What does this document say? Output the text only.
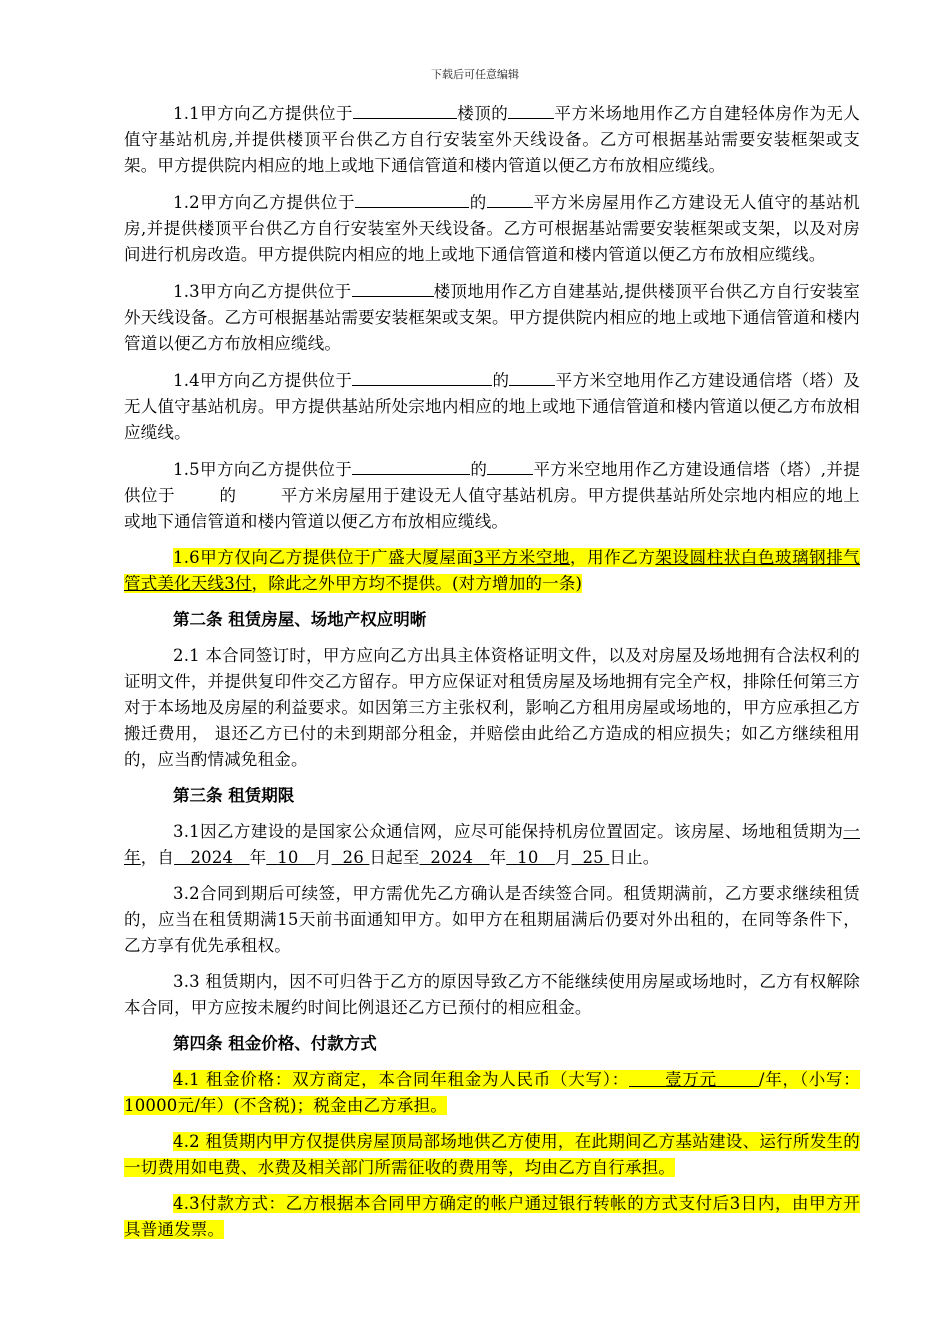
下载后可任意编辑

1.1甲方向乙方提供位于	楼顶的	平方米场地用作乙方自建轻体房作为无人值守基站机房,并提供楼顶平台供乙方自行安装室外天线设备。乙方可根据基站需要安装框架或支架。甲方提供院内相应的地上或地下通信管道和楼内管道以便乙方布放相应缆线。

1.2甲方向乙方提供位于	的	平方米房屋用作乙方建设无人值守的基站机房,并提供楼顶平台供乙方自行安装室外天线设备。乙方可根据基站需要安装框架或支架，以及对房间进行机房改造。甲方提供院内相应的地上或地下通信管道和楼内管道以便乙方布放相应缆线。

1.3甲方向乙方提供位于	楼顶地用作乙方自建基站,提供楼顶平台供乙方自行安装室外天线设备。乙方可根据基站需要安装框架或支架。甲方提供院内相应的地上或地下通信管道和楼内管道以便乙方布放相应缆线。

1.4甲方向乙方提供位于	的	平方米空地用作乙方建设通信塔（塔）及无人值守基站机房。甲方提供基站所处宗地内相应的地上或地下通信管道和楼内管道以便乙方布放相应缆线。

1.5甲方向乙方提供位于	的	平方米空地用作乙方建设通信塔（塔）,并提供位于	的	平方米房屋用于建设无人值守基站机房。甲方提供基站所处宗地内相应的地上或地下通信管道和楼内管道以便乙方布放相应缆线。

1.6甲方仅向乙方提供位于广盛大厦屋面3平方米空地，用作乙方架设圆柱状白色玻璃钢排气管式美化天线3付，除此之外甲方均不提供。(对方增加的一条)

第二条 租赁房屋、场地产权应明晰

2.1 本合同签订时，甲方应向乙方出具主体资格证明文件，以及对房屋及场地拥有合法权利的证明文件，并提供复印件交乙方留存。甲方应保证对租赁房屋及场地拥有完全产权，排除任何第三方对于本场地及房屋的利益要求。如因第三方主张权利，影响乙方租用房屋或场地的，甲方应承担乙方搬迁费用， 退还乙方已付的未到期部分租金，并赔偿由此给乙方造成的相应损失；如乙方继续租用的，应当酌情减免租金。

第三条 租赁期限

3.1因乙方建设的是国家公众通信网，应尽可能保持机房位置固定。该房屋、场地租赁期为一年，自 2024 年 10 月 26 日起至 2024 年 10 月 25 日止。

3.2合同到期后可续签，甲方需优先乙方确认是否续签合同。租赁期满前，乙方要求继续租赁的，应当在租赁期满15天前书面通知甲方。如甲方在租期届满后仍要对外出租的，在同等条件下，乙方享有优先承租权。

3.3 租赁期内，因不可归咎于乙方的原因导致乙方不能继续使用房屋或场地时，乙方有权解除本合同，甲方应按未履约时间比例退还乙方已预付的相应租金。

第四条 租金价格、付款方式

4.1 租金价格：双方商定，本合同年租金为人民币（大写）： 壹万元	/年，（小写：10000元/年）(不含税)；税金由乙方承担。

4.2 租赁期内甲方仅提供房屋顶局部场地供乙方使用，在此期间乙方基站建设、运行所发生的一切费用如电费、水费及相关部门所需征收的费用等，均由乙方自行承担。

4.3付款方式：乙方根据本合同甲方确定的帐户通过银行转帐的方式支付后3日内，由甲方开具普通发票。
